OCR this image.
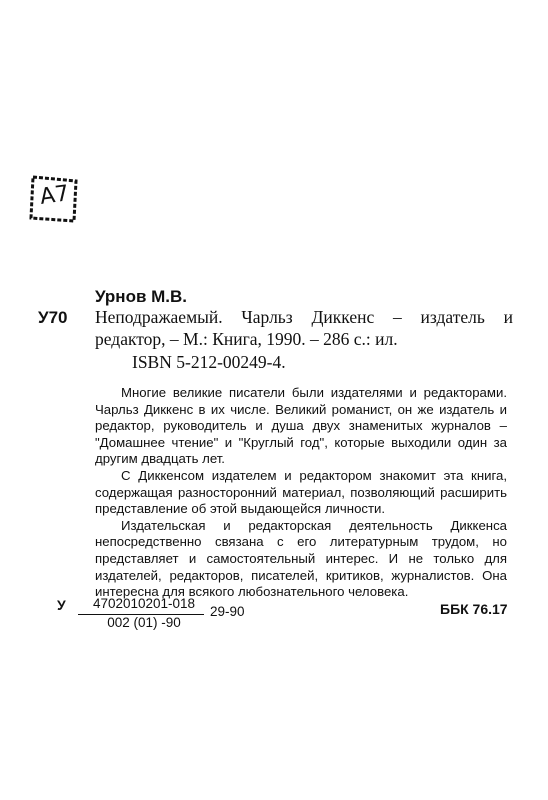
А7
Урнов М.В.
У70 Неподражаемый. Чарльз Диккенс – издатель и редактор, – М.: Книга, 1990. – 286 с.: ил.
ISBN 5-212-00249-4.

Многие великие писатели были издателями и редакторами. Чарльз Диккенс в их числе. Великий романист, он же издатель и редактор, руководитель и душа двух знаменитых журналов – "Домашнее чтение" и "Круглый год", которые выходили один за другим двадцать лет.

С Диккенсом издателем и редактором знакомит эта книга, содержащая разносторонний материал, позволяющий расширить представление об этой выдающейся личности.

Издательская и редакторская деятельность Диккенса непосредственно связана с его литературным трудом, но представляет и самостоятельный интерес. И не только для издателей, редакторов, писателей, критиков, журналистов. Она интересна для всякого любознательного человека.

У	4702010201-018
002 (01) -90
29-90	ББК 76.17
